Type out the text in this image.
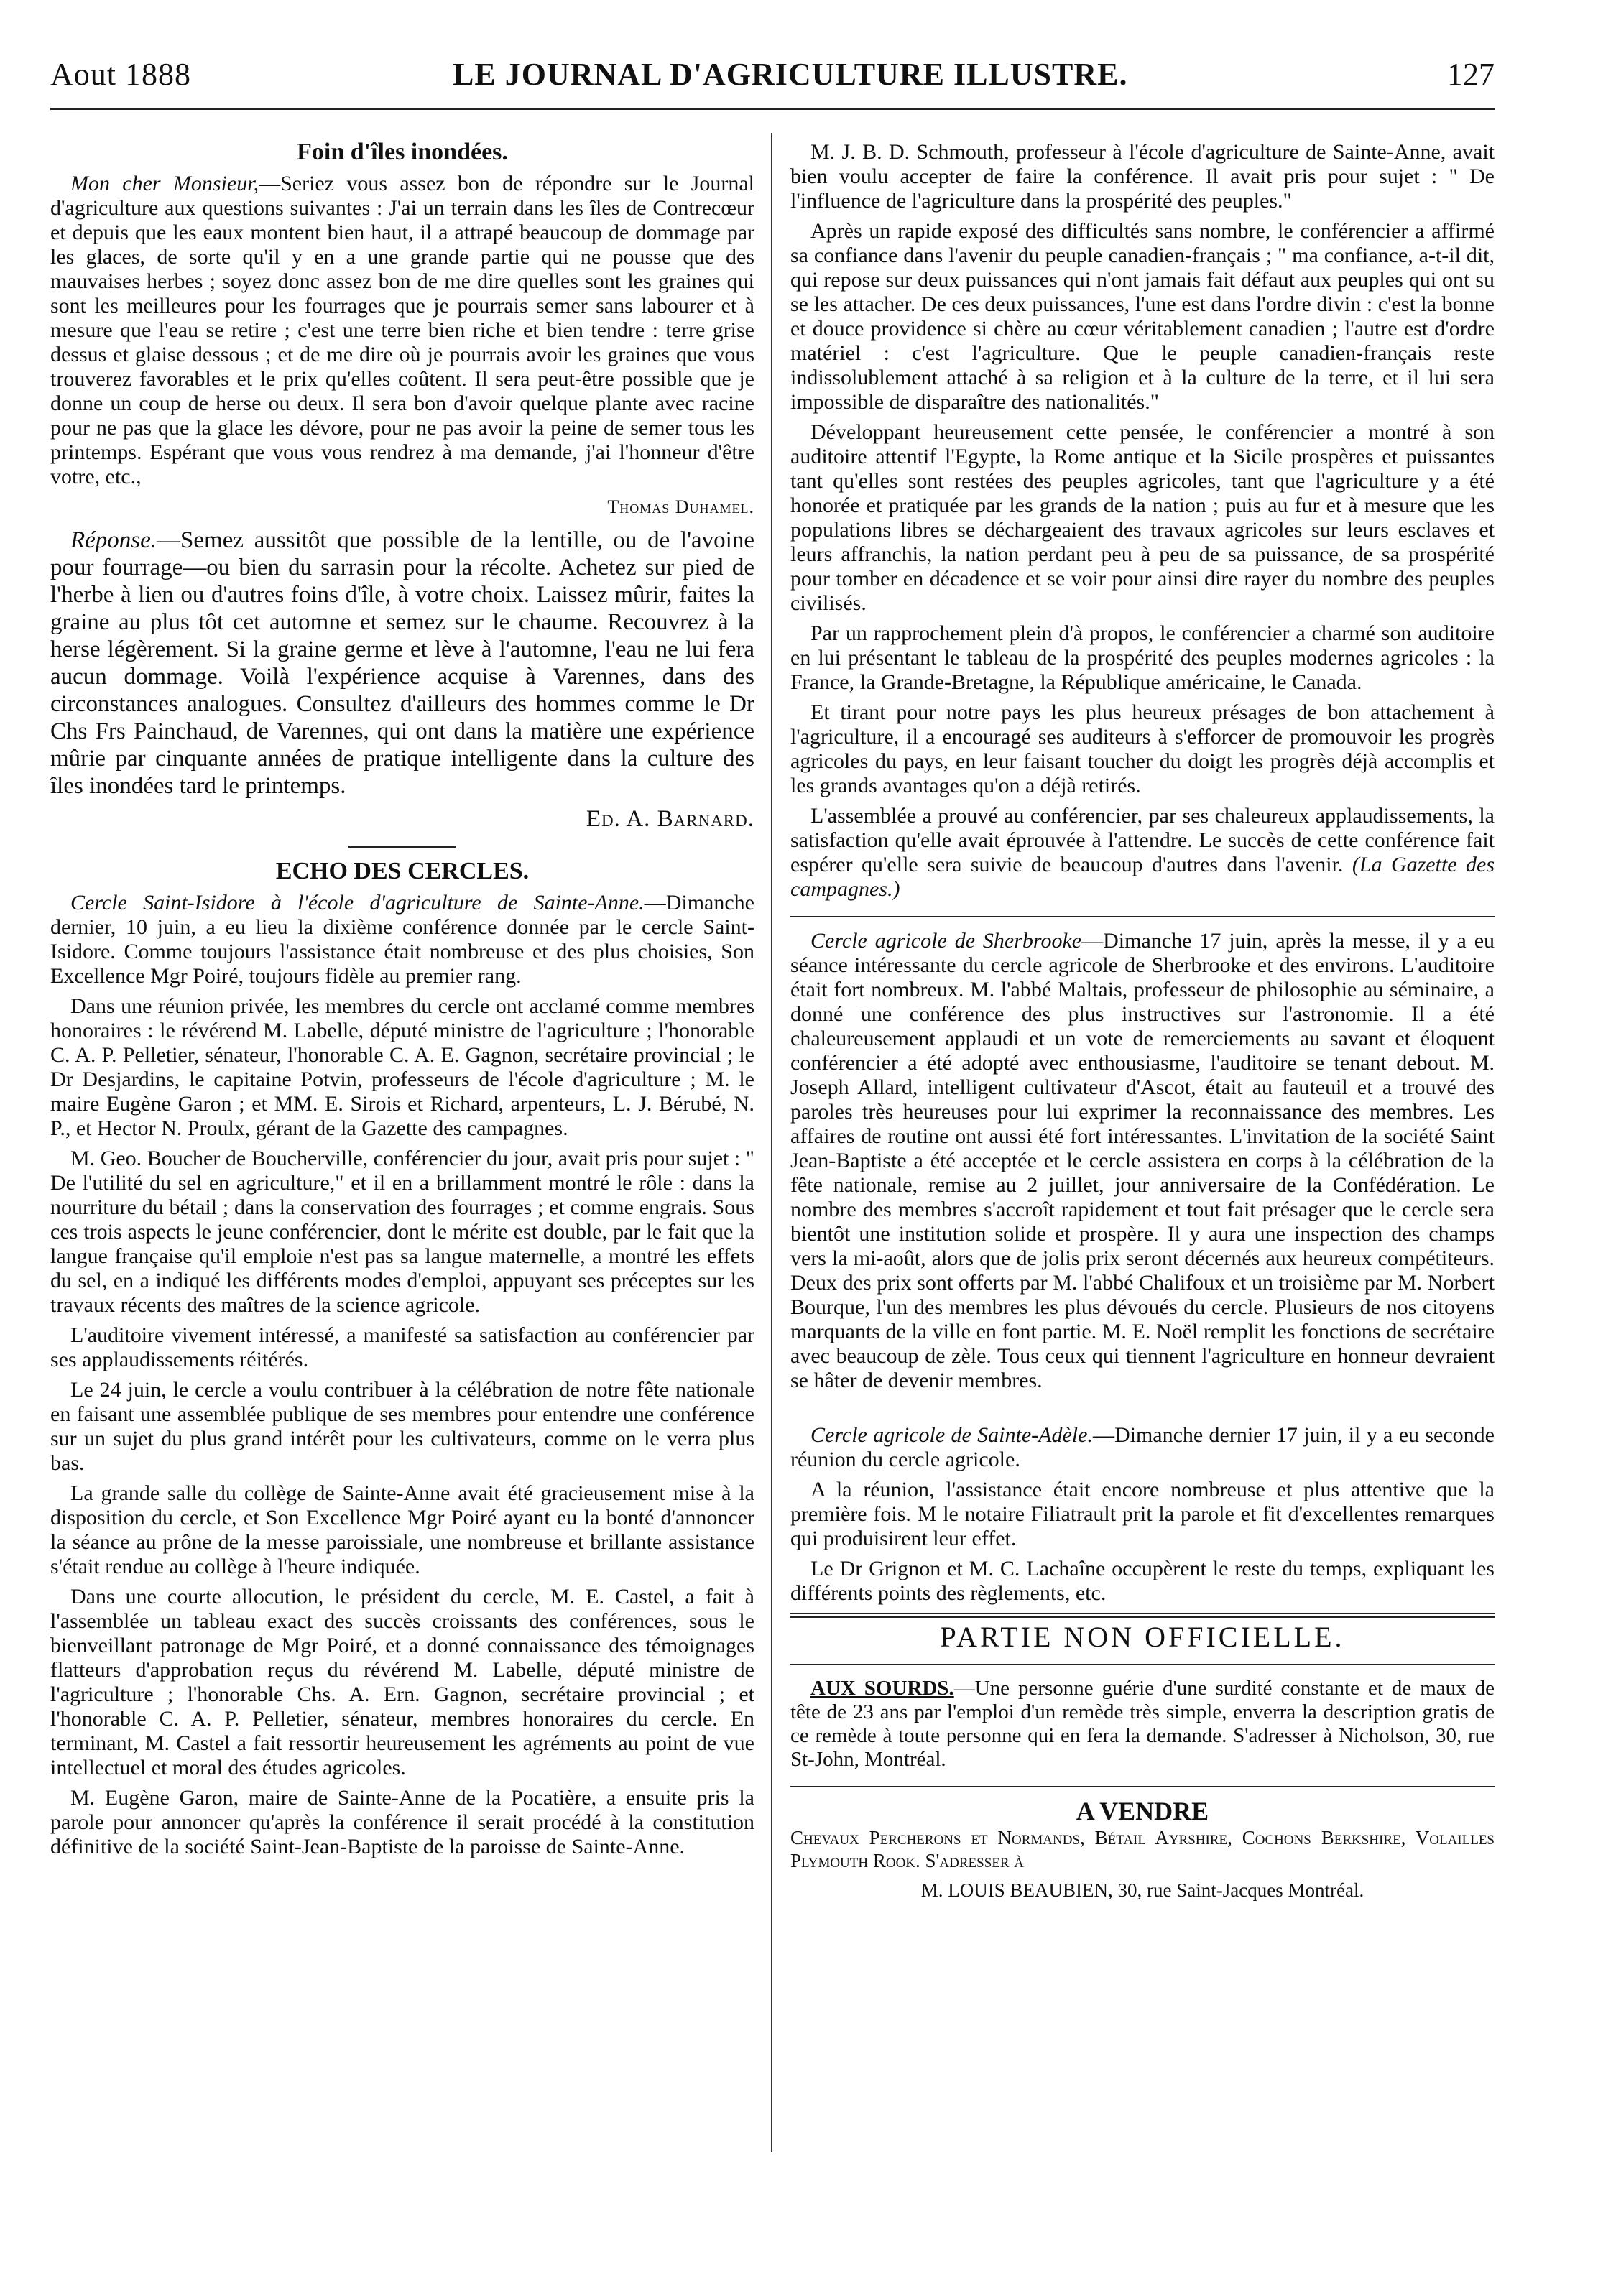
Aout 1888	LE JOURNAL D'AGRICULTURE ILLUSTRE.	127
Foin d'îles inondées.

Mon cher Monsieur,—Seriez vous assez bon de répondre sur le Journal d'agriculture aux questions suivantes : J'ai un terrain dans les îles de Contrecœur et depuis que les eaux montent bien haut, il a attrapé beaucoup de dommage par les glaces, de sorte qu'il y en a une grande partie qui ne pousse que des mauvaises herbes ; soyez donc assez bon de me dire quelles sont les graines qui sont les meilleures pour les fourrages que je pourrais semer sans labourer et à mesure que l'eau se retire ; c'est une terre bien riche et bien tendre : terre grise dessus et glaise dessous ; et de me dire où je pourrais avoir les graines que vous trouverez favorables et le prix qu'elles coûtent. Il sera peut-être possible que je donne un coup de herse ou deux. Il sera bon d'avoir quelque plante avec racine pour ne pas que la glace les dévore, pour ne pas avoir la peine de semer tous les printemps. Espérant que vous vous rendrez à ma demande, j'ai l'honneur d'être votre, etc.,

Thomas Duhamel.

Réponse.—Semez aussitôt que possible de la lentille, ou de l'avoine pour fourrage—ou bien du sarrasin pour la récolte. Achetez sur pied de l'herbe à lien ou d'autres foins d'île, à votre choix. Laissez mûrir, faites la graine au plus tôt cet automne et semez sur le chaume. Recouvrez à la herse légèrement. Si la graine germe et lève à l'automne, l'eau ne lui fera aucun dommage. Voilà l'expérience acquise à Varennes, dans des circonstances analogues. Consultez d'ailleurs des hommes comme le Dr Chs Frs Painchaud, de Varennes, qui ont dans la matière une expérience mûrie par cinquante années de pratique intelligente dans la culture des îles inondées tard le printemps.

Ed. A. Barnard.
ECHO DES CERCLES.

Cercle Saint-Isidore à l'école d'agriculture de Sainte-Anne.—Dimanche dernier, 10 juin, a eu lieu la dixième conférence donnée par le cercle Saint-Isidore. Comme toujours l'assistance était nombreuse et des plus choisies, Son Excellence Mgr Poiré, toujours fidèle au premier rang.

Dans une réunion privée, les membres du cercle ont acclamé comme membres honoraires : le révérend M. Labelle, député ministre de l'agriculture ; l'honorable C. A. P. Pelletier, sénateur, l'honorable C. A. E. Gagnon, secrétaire provincial ; le Dr Desjardins, le capitaine Potvin, professeurs de l'école d'agriculture ; M. le maire Eugène Garon ; et MM. E. Sirois et Richard, arpenteurs, L. J. Bérubé, N. P., et Hector N. Proulx, gérant de la Gazette des campagnes.

M. Geo. Boucher de Boucherville, conférencier du jour, avait pris pour sujet : " De l'utilité du sel en agriculture," et il en a brillamment montré le rôle : dans la nourriture du bétail ; dans la conservation des fourrages ; et comme engrais. Sous ces trois aspects le jeune conférencier, dont le mérite est double, par le fait que la langue française qu'il emploie n'est pas sa langue maternelle, a montré les effets du sel, en a indiqué les différents modes d'emploi, appuyant ses préceptes sur les travaux récents des maîtres de la science agricole.

L'auditoire vivement intéressé, a manifesté sa satisfaction au conférencier par ses applaudissements réitérés.

Le 24 juin, le cercle a voulu contribuer à la célébration de notre fête nationale en faisant une assemblée publique de ses membres pour entendre une conférence sur un sujet du plus grand intérêt pour les cultivateurs, comme on le verra plus bas.

La grande salle du collège de Sainte-Anne avait été gracieusement mise à la disposition du cercle, et Son Excellence Mgr Poiré ayant eu la bonté d'annoncer la séance au prône de la messe paroissiale, une nombreuse et brillante assistance s'était rendue au collège à l'heure indiquée.

Dans une courte allocution, le président du cercle, M. E. Castel, a fait à l'assemblée un tableau exact des succès croissants des conférences, sous le bienveillant patronage de Mgr Poiré, et a donné connaissance des témoignages flatteurs d'approbation reçus du révérend M. Labelle, député ministre de l'agriculture ; l'honorable Chs. A. Ern. Gagnon, secrétaire provincial ; et l'honorable C. A. P. Pelletier, sénateur, membres honoraires du cercle. En terminant, M. Castel a fait ressortir heureusement les agréments au point de vue intellectuel et moral des études agricoles.

M. Eugène Garon, maire de Sainte-Anne de la Pocatière, a ensuite pris la parole pour annoncer qu'après la conférence il serait procédé à la constitution définitive de la société Saint-Jean-Baptiste de la paroisse de Sainte-Anne.

M. J. B. D. Schmouth, professeur à l'école d'agriculture de Sainte-Anne, avait bien voulu accepter de faire la conférence. Il avait pris pour sujet : " De l'influence de l'agriculture dans la prospérité des peuples."

Après un rapide exposé des difficultés sans nombre, le conférencier a affirmé sa confiance dans l'avenir du peuple canadien-français ; " ma confiance, a-t-il dit, qui repose sur deux puissances qui n'ont jamais fait défaut aux peuples qui ont su se les attacher. De ces deux puissances, l'une est dans l'ordre divin : c'est la bonne et douce providence si chère au cœur véritablement canadien ; l'autre est d'ordre matériel : c'est l'agriculture. Que le peuple canadien-français reste indissolublement attaché à sa religion et à la culture de la terre, et il lui sera impossible de disparaître des nationalités."

Développant heureusement cette pensée, le conférencier a montré à son auditoire attentif l'Egypte, la Rome antique et la Sicile prospères et puissantes tant qu'elles sont restées des peuples agricoles, tant que l'agriculture y a été honorée et pratiquée par les grands de la nation ; puis au fur et à mesure que les populations libres se déchargeaient des travaux agricoles sur leurs esclaves et leurs affranchis, la nation perdant peu à peu de sa puissance, de sa prospérité pour tomber en décadence et se voir pour ainsi dire rayer du nombre des peuples civilisés.

Par un rapprochement plein d'à propos, le conférencier a charmé son auditoire en lui présentant le tableau de la prospérité des peuples modernes agricoles : la France, la Grande-Bretagne, la République américaine, le Canada.

Et tirant pour notre pays les plus heureux présages de bon attachement à l'agriculture, il a encouragé ses auditeurs à s'efforcer de promouvoir les progrès agricoles du pays, en leur faisant toucher du doigt les progrès déjà accomplis et les grands avantages qu'on a déjà retirés.

L'assemblée a prouvé au conférencier, par ses chaleureux applaudissements, la satisfaction qu'elle avait éprouvée à l'attendre. Le succès de cette conférence fait espérer qu'elle sera suivie de beaucoup d'autres dans l'avenir. (La Gazette des campagnes.)

Cercle agricole de Sherbrooke—Dimanche 17 juin, après la messe, il y a eu séance intéressante du cercle agricole de Sherbrooke et des environs. L'auditoire était fort nombreux. M. l'abbé Maltais, professeur de philosophie au séminaire, a donné une conférence des plus instructives sur l'astronomie. Il a été chaleureusement applaudi et un vote de remerciements au savant et éloquent conférencier a été adopté avec enthousiasme, l'auditoire se tenant debout. M. Joseph Allard, intelligent cultivateur d'Ascot, était au fauteuil et a trouvé des paroles très heureuses pour lui exprimer la reconnaissance des membres. Les affaires de routine ont aussi été fort intéressantes. L'invitation de la société Saint Jean-Baptiste a été acceptée et le cercle assistera en corps à la célébration de la fête nationale, remise au 2 juillet, jour anniversaire de la Confédération. Le nombre des membres s'accroît rapidement et tout fait présager que le cercle sera bientôt une institution solide et prospère. Il y aura une inspection des champs vers la mi-août, alors que de jolis prix seront décernés aux heureux compétiteurs. Deux des prix sont offerts par M. l'abbé Chalifoux et un troisième par M. Norbert Bourque, l'un des membres les plus dévoués du cercle. Plusieurs de nos citoyens marquants de la ville en font partie. M. E. Noël remplit les fonctions de secrétaire avec beaucoup de zèle. Tous ceux qui tiennent l'agriculture en honneur devraient se hâter de devenir membres.

Cercle agricole de Sainte-Adèle.—Dimanche dernier 17 juin, il y a eu seconde réunion du cercle agricole.

A la réunion, l'assistance était encore nombreuse et plus attentive que la première fois. M le notaire Filiatrault prit la parole et fit d'excellentes remarques qui produisirent leur effet.

Le Dr Grignon et M. C. Lachaîne occupèrent le reste du temps, expliquant les différents points des règlements, etc.

PARTIE NON OFFICIELLE.

AUX SOURDS.—Une personne guérie d'une surdité constante et de maux de tête de 23 ans par l'emploi d'un remède très simple, enverra la description gratis de ce remède à toute personne qui en fera la demande. S'adresser à Nicholson, 30, rue St-John, Montréal.

A VENDRE

Chevaux Percherons et Normands, Bétail Ayrshire, Cochons Berkshire, Volailles Plymouth Rook. S'adresser à

M. LOUIS BEAUBIEN, 30, rue Saint-Jacques Montréal.
